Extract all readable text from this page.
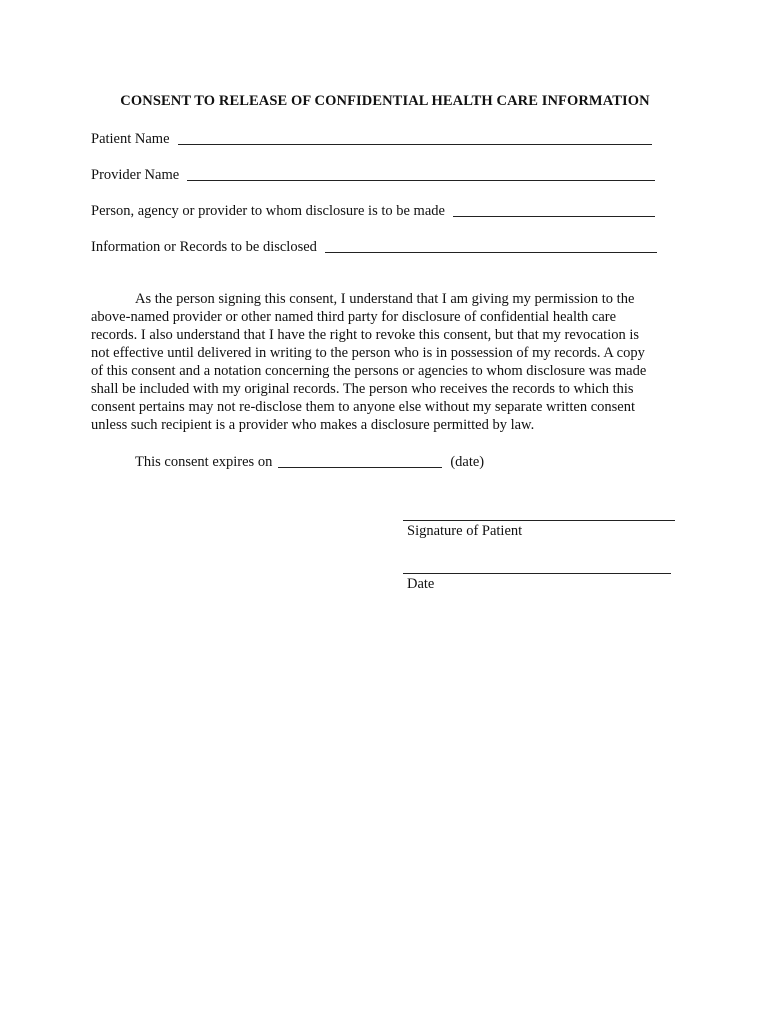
CONSENT TO RELEASE OF CONFIDENTIAL HEALTH CARE INFORMATION
Patient Name
Provider Name
Person, agency or provider to whom disclosure is to be made
Information or Records to be disclosed
As the person signing this consent, I understand that I am giving my permission to the
above-named provider or other named third party for disclosure of confidential health care
records. I also understand that I have the right to revoke this consent, but that my revocation is
not effective until delivered in writing to the person who is in possession of my records. A copy
of this consent and a notation concerning the persons or agencies to whom disclosure was made
shall be included with my original records. The person who receives the records to which this
consent pertains may not re-disclose them to anyone else without my separate written consent
unless such recipient is a provider who makes a disclosure permitted by law.
This consent expires on	(date)
Signature of Patient
Date
